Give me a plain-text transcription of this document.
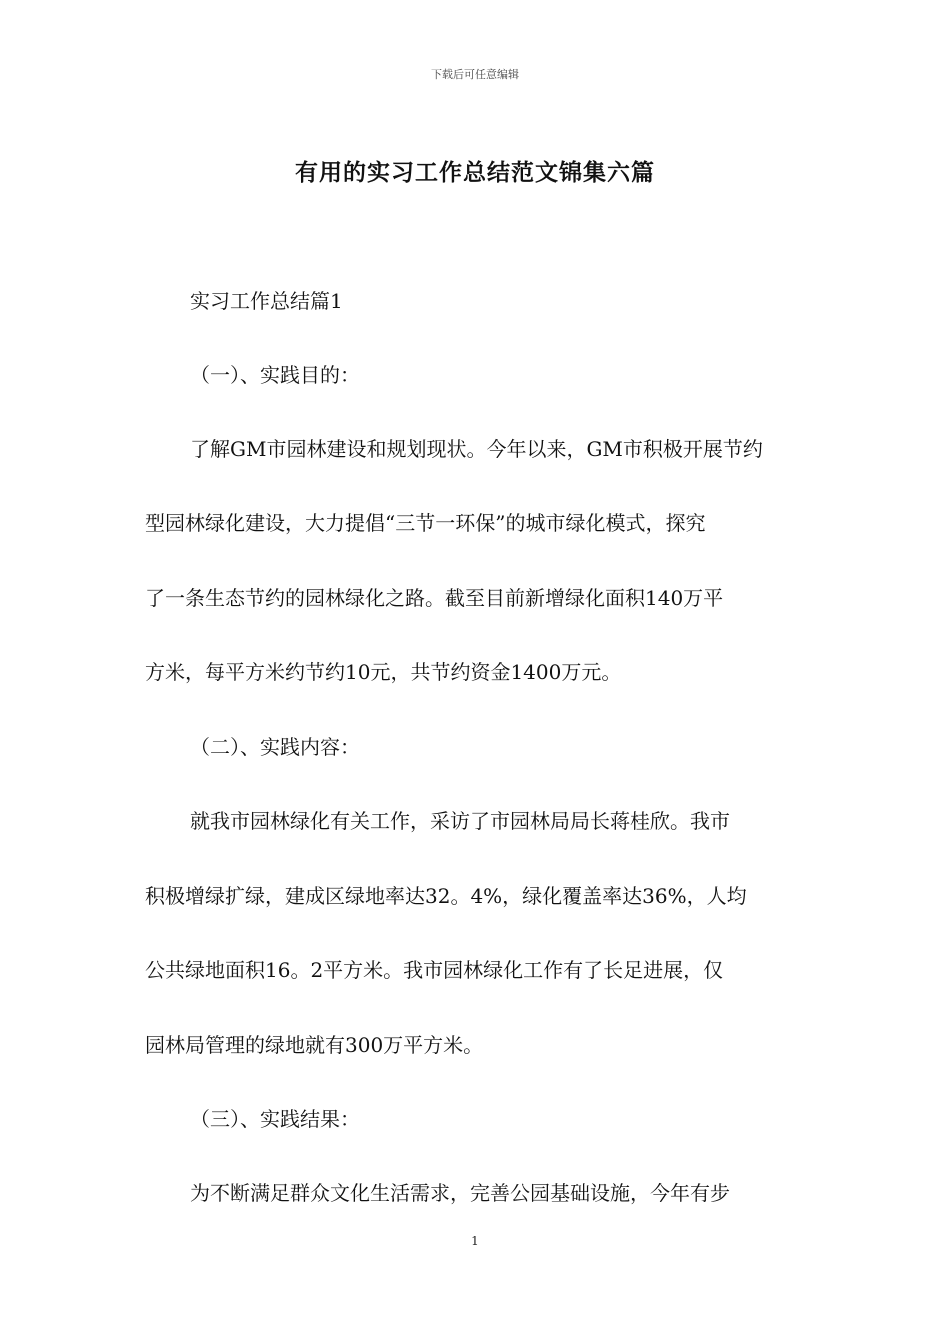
下载后可任意编辑
有用的实习工作总结范文锦集六篇
实习工作总结篇1
（一）、实践目的：
了解GM市园林建设和规划现状。今年以来，GM市积极开展节约
型园林绿化建设，大力提倡“三节一环保”的城市绿化模式，探究
了一条生态节约的园林绿化之路。截至目前新增绿化面积140万平
方米，每平方米约节约10元，共节约资金1400万元。
（二）、实践内容：
就我市园林绿化有关工作，采访了市园林局局长蒋桂欣。我市
积极增绿扩绿，建成区绿地率达32。4%，绿化覆盖率达36%，人均
公共绿地面积16。2平方米。我市园林绿化工作有了长足进展，仅
园林局管理的绿地就有300万平方米。
（三）、实践结果：
为不断满足群众文化生活需求，完善公园基础设施，今年有步
1
